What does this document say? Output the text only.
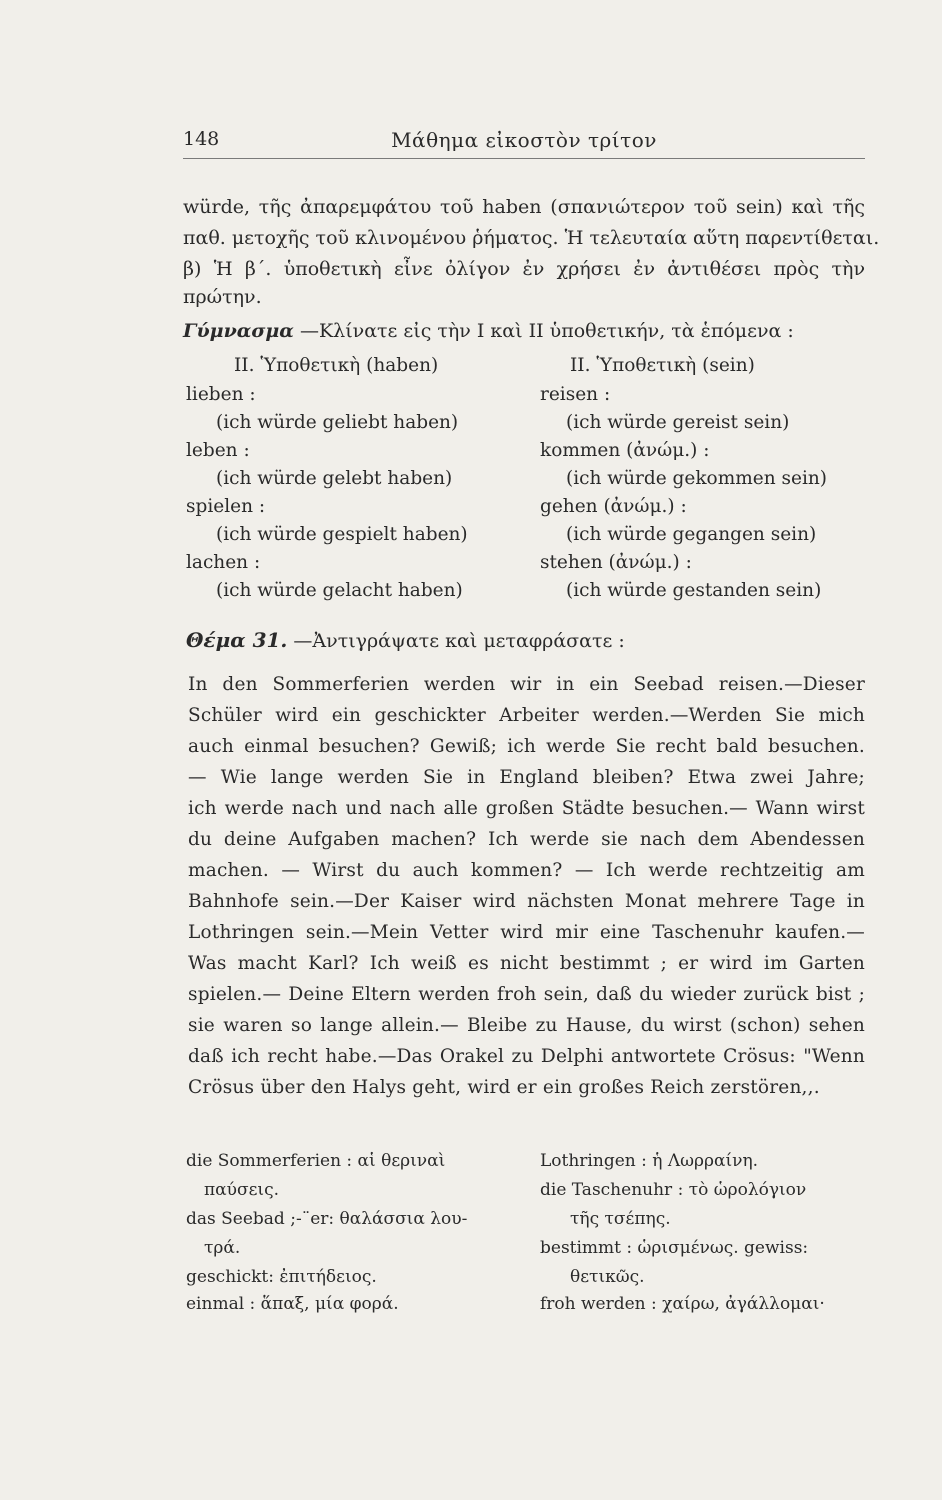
148	Μάθημα εἰκοστὸν τρίτον
würde, τῆς ἀπαρεμφάτου τοῦ haben (σπανιώτερον τοῦ sein) καὶ τῆς
παθ. μετοχῆς τοῦ κλινομένου ῥήματος. Ἡ τελευταία αὕτη παρεντίθεται.
β) Ἡ β΄. ὑποθετικὴ εἶνε ὀλίγον ἐν χρήσει ἐν ἀντιθέσει πρὸς τὴν
πρώτην.
Γύμνασμα —Κλίνατε εἰς τὴν I καὶ II ὑποθετικήν, τὰ ἑπόμενα :
II. Ὑποθετικὴ (haben)
lieben :
(ich würde geliebt haben)
leben :
(ich würde gelebt haben)
spielen :
(ich würde gespielt haben)
lachen :
(ich würde gelacht haben)
II. Ὑποθετικὴ (sein)
reisen :
(ich würde gereist sein)
kommen (ἀνώμ.) :
(ich würde gekommen sein)
gehen (ἀνώμ.) :
(ich würde gegangen sein)
stehen (ἀνώμ.) :
(ich würde gestanden sein)
Θέμα 31. —Ἀντιγράψατε καὶ μεταφράσατε :
In den Sommerferien werden wir in ein Seebad reisen.—Dieser
Schüler wird ein geschickter Arbeiter werden.—Werden Sie mich
auch einmal besuchen? Gewiß; ich werde Sie recht bald besuchen.
— Wie lange werden Sie in England bleiben? Etwa zwei Jahre;
ich werde nach und nach alle großen Städte besuchen.— Wann wirst
du deine Aufgaben machen? Ich werde sie nach dem Abendessen
machen. — Wirst du auch kommen? — Ich werde rechtzeitig am
Bahnhofe sein.—Der Kaiser wird nächsten Monat mehrere Tage in
Lothringen sein.—Mein Vetter wird mir eine Taschenuhr kaufen.—
Was macht Karl? Ich weiß es nicht bestimmt ; er wird im Garten
spielen.— Deine Eltern werden froh sein, daß du wieder zurück bist ;
sie waren so lange allein.— Bleibe zu Hause, du wirst (schon) sehen
daß ich recht habe.—Das Orakel zu Delphi antwortete Crösus: "Wenn
Crösus über den Halys geht, wird er ein großes Reich zerstören,,.
die Sommerferien : αἱ θεριναὶ
παύσεις.
das Seebad ;-¨er: θαλάσσια λου-
τρά.
geschickt: ἐπιτήδειος.
einmal : ἅπαξ, μία φορά.
Lothringen : ἡ Λωρραίνη.
die Taschenuhr : τὸ ὡρολόγιον
τῆς τσέπης.
bestimmt : ὡρισμένως. gewiss:
θετικῶς.
froh werden : χαίρω, ἀγάλλομαι·
